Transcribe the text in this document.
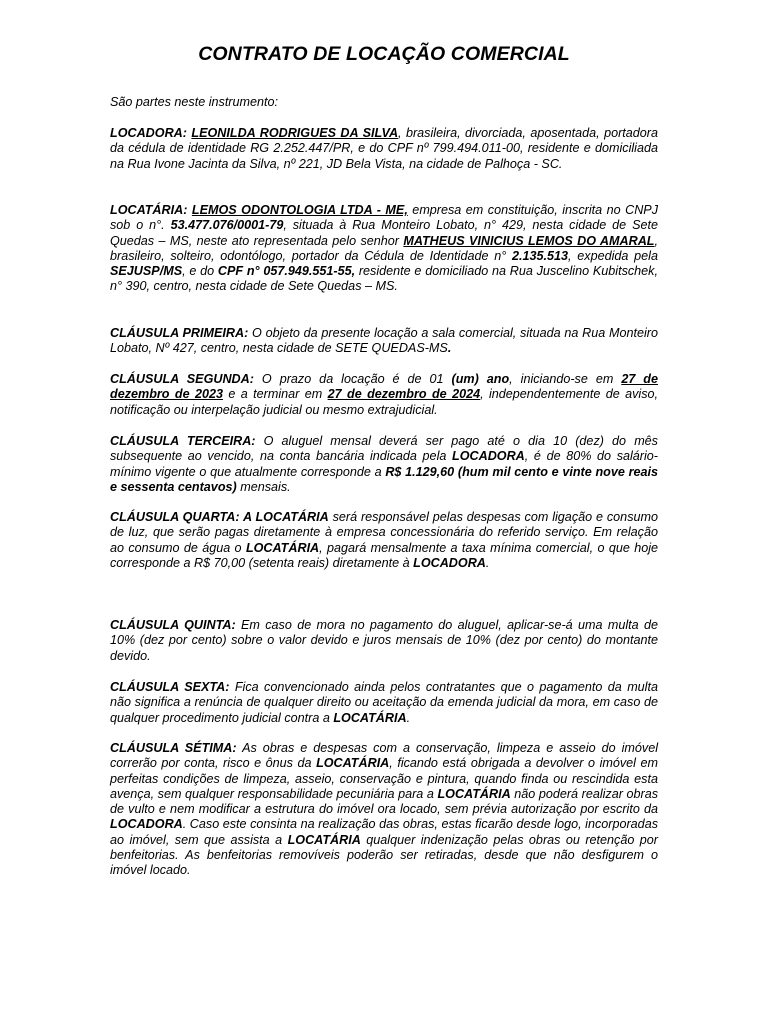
CONTRATO DE LOCAÇÃO COMERCIAL

São partes neste instrumento:

LOCADORA: LEONILDA RODRIGUES DA SILVA, brasileira, divorciada, aposentada, portadora da cédula de identidade RG 2.252.447/PR, e do CPF nº 799.494.011-00, residente e domiciliada na Rua Ivone Jacinta da Silva, nº 221, JD Bela Vista, na cidade de Palhoça - SC.

LOCATÁRIA: LEMOS ODONTOLOGIA LTDA - ME, empresa em constituição, inscrita no CNPJ sob o n°. 53.477.076/0001-79, situada à Rua Monteiro Lobato, n° 429, nesta cidade de Sete Quedas – MS, neste ato representada pelo senhor MATHEUS VINICIUS LEMOS DO AMARAL, brasileiro, solteiro, odontólogo, portador da Cédula de Identidade n° 2.135.513, expedida pela SEJUSP/MS, e do CPF n° 057.949.551-55, residente e domiciliado na Rua Juscelino Kubitschek, n° 390, centro, nesta cidade de Sete Quedas – MS.

CLÁUSULA PRIMEIRA: O objeto da presente locação a sala comercial, situada na Rua Monteiro Lobato, Nº 427, centro, nesta cidade de SETE QUEDAS-MS.

CLÁUSULA SEGUNDA: O prazo da locação é de 01 (um) ano, iniciando-se em 27 de dezembro de 2023 e a terminar em 27 de dezembro de 2024, independentemente de aviso, notificação ou interpelação judicial ou mesmo extrajudicial.

CLÁUSULA TERCEIRA: O aluguel mensal deverá ser pago até o dia 10 (dez) do mês subsequente ao vencido, na conta bancária indicada pela LOCADORA, é de 80% do salário-mínimo vigente o que atualmente corresponde a R$ 1.129,60 (hum mil cento e vinte nove reais e sessenta centavos) mensais.

CLÁUSULA QUARTA: A LOCATÁRIA será responsável pelas despesas com ligação e consumo de luz, que serão pagas diretamente à empresa concessionária do referido serviço. Em relação ao consumo de água o LOCATÁRIA, pagará mensalmente a taxa mínima comercial, o que hoje corresponde a R$ 70,00 (setenta reais) diretamente à LOCADORA.

CLÁUSULA QUINTA: Em caso de mora no pagamento do aluguel, aplicar-se-á uma multa de 10% (dez por cento) sobre o valor devido e juros mensais de 10% (dez por cento) do montante devido.

CLÁUSULA SEXTA: Fica convencionado ainda pelos contratantes que o pagamento da multa não significa a renúncia de qualquer direito ou aceitação da emenda judicial da mora, em caso de qualquer procedimento judicial contra a LOCATÁRIA.

CLÁUSULA SÉTIMA: As obras e despesas com a conservação, limpeza e asseio do imóvel correrão por conta, risco e ônus da LOCATÁRIA, ficando está obrigada a devolver o imóvel em perfeitas condições de limpeza, asseio, conservação e pintura, quando finda ou rescindida esta avença, sem qualquer responsabilidade pecuniária para a LOCATÁRIA não poderá realizar obras de vulto e nem modificar a estrutura do imóvel ora locado, sem prévia autorização por escrito da LOCADORA. Caso este consinta na realização das obras, estas ficarão desde logo, incorporadas ao imóvel, sem que assista a LOCATÁRIA qualquer indenização pelas obras ou retenção por benfeitorias. As benfeitorias removíveis poderão ser retiradas, desde que não desfigurem o imóvel locado.
